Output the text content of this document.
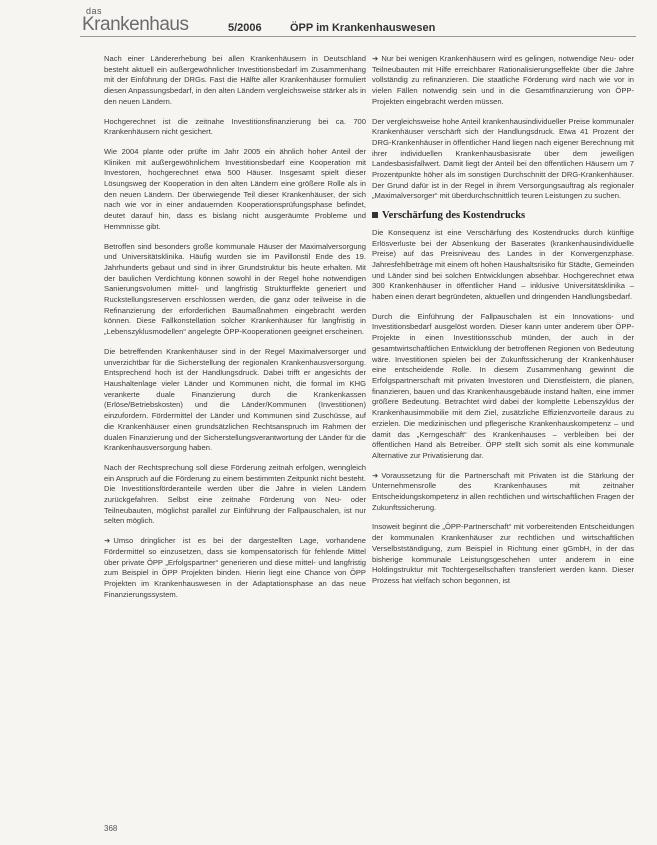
das
Krankenhaus	5/2006	ÖPP im Krankenhauswesen

Nach einer Ländererhebung bei allen Krankenhäusern in Deutschland besteht aktuell ein außergewöhnlicher Investitionsbedarf im Zusammenhang mit der Einführung der DRGs. Fast die Hälfte aller Krankenhäuser formuliert diesen Anpassungsbedarf, in den alten Ländern vergleichsweise stärker als in den neuen Ländern.

Hochgerechnet ist die zeitnahe Investitionsfinanzierung bei ca. 700 Krankenhäusern nicht gesichert.

Wie 2004 plante oder prüfte im Jahr 2005 ein ähnlich hoher Anteil der Kliniken mit außergewöhnlichem Investitionsbedarf eine Kooperation mit Investoren, hochgerechnet etwa 500 Häuser. Insgesamt spielt dieser Lösungsweg der Kooperation in den alten Ländern eine größere Rolle als in den neuen Ländern. Der überwiegende Teil dieser Krankenhäuser, der sich nach wie vor in einer andauernden Kooperationsprüfungsphase befindet, deutet darauf hin, dass es bislang nicht ausgeräumte Probleme und Hemmnisse gibt.

Betroffen sind besonders große kommunale Häuser der Maximalversorgung und Universitätsklinika. Häufig wurden sie im Pavillonstil Ende des 19. Jahrhunderts gebaut und sind in ihrer Grundstruktur bis heute erhalten. Mit der baulichen Verdichtung können sowohl in der Regel hohe notwendigen Sanierungsvolumen mittel- und langfristig Strukturffekte generiert und Ruckstellungsreserven erschlossen werden, die ganz oder teilweise in die Refinanzierung der erforderlichen Baumaßnahmen eingebracht werden können. Diese Fallkonstellation solcher Krankenhäuser für langfristig in „Lebenszyklusmodellen“ angelegte ÖPP-Kooperationen geeignet erscheinen.

Die betreffenden Krankenhäuser sind in der Regel Maximalversorger und unverzichtbar für die Sicherstellung der regionalen Krankenhausversorgung. Entsprechend hoch ist der Handlungsdruck. Dabei trifft er angesichts der Haushaltenlage vieler Länder und Kommunen nicht, die formal im KHG verankerte duale Finanzierung durch die Krankenkassen (Erlöse/Betriebskosten) und die Länder/Kommunen (Investitionen) einzufordern. Fördermittel der Länder und Kommunen sind Zuschüsse, auf die Krankenhäuser einen grundsätzlichen Rechtsanspruch im Rahmen der dualen Finanzierung und der Sicherstellungsverantwortung der Länder für die Krankenhausversorgung haben.

Nach der Rechtsprechung soll diese Förderung zeitnah erfolgen, wenngleich ein Anspruch auf die Förderung zu einem bestimmten Zeitpunkt nicht besteht. Die Investitionsförderanteile werden über die Jahre in vielen Ländern zurückgefahren. Selbst eine zeitnahe Förderung von Neu- oder Teilneubauten, möglichst parallel zur Einführung der Fallpauschalen, ist nur selten möglich.

➜ Umso dringlicher ist es bei der dargestellten Lage, vorhandene Fördermittel so einzusetzen, dass sie kompensatorisch für fehlende Mittel über private ÖPP „Erfolgspartner“ generieren und diese mittel- und langfristig zum Beispiel in ÖPP Projekten binden. Hierin liegt eine Chance von ÖPP Projekten im Krankenhauswesen in der Adaptationsphase an das neue Finanzierungssystem.

➜ Nur bei wenigen Krankenhäusern wird es gelingen, notwendige Neu- oder Teilneubauten mit Hilfe erreichbarer Rationalisierungseffekte über die Jahre vollständig zu refinanzieren. Die staatliche Förderung wird nach wie vor in vielen Fällen notwendig sein und in die Gesamtfinanzierung von ÖPP-Projekten eingebracht werden müssen.

Der vergleichsweise hohe Anteil krankenhausindividueller Preise kommunaler Krankenhäuser verschärft sich der Handlungsdruck. Etwa 41 Prozent der DRG-Krankenhäuser in öffentlicher Hand liegen nach eigener Berechnung mit ihrer individuellen Krankenhausbasisrate über dem jeweiligen Landesbasisfallwert. Damit liegt der Anteil bei den öffentlichen Häusern um 7 Prozentpunkte höher als im sonstigen Durchschnitt der DRG-Krankenhäuser. Der Grund dafür ist in der Regel in ihrem Versorgungsauftrag als regionaler „Maximalversorger“ mit überdurchschnittlich teuren Leistungen zu suchen.

Verschärfung des Kostendrucks

Die Konsequenz ist eine Verschärfung des Kostendrucks durch künftige Erlösverluste bei der Absenkung der Baserates (krankenhausindividuelle Preise) auf das Preisniveau des Landes in der Konvergenzphase. Jahresfehlbeträge mit einem oft hohen Haushaltsrisiko für Städte, Gemeinden und Länder sind bei solchen Entwicklungen absehbar. Hochgerechnet etwa 300 Krankenhäuser in öffentlicher Hand – inklusive Universitätsklinika – haben einen derart begründeten, aktuellen und dringenden Handlungsbedarf.

Durch die Einführung der Fallpauschalen ist ein Innovations- und Investitionsbedarf ausgelöst worden. Dieser kann unter anderem über ÖPP-Projekte in einen Investitionsschub münden, der auch in der gesamtwirtschaftlichen Entwicklung der betroffenen Regionen von Bedeutung wäre. Investitionen spielen bei der Zukunftssicherung der Krankenhäuser eine entscheidende Rolle. In diesem Zusammenhang gewinnt die Erfolgspartnerschaft mit privaten Investoren und Dienstleistern, die planen, finanzieren, bauen und das Krankenhausgebäude instand halten, eine immer größere Bedeutung. Betrachtet wird dabei der komplette Lebenszyklus der Krankenhausimmobilie mit dem Ziel, zusätzliche Effizienzvorteile daraus zu erzielen. Die medizinischen und pflegerische Krankenhauskompetenz – und damit das „Kerngeschäft“ des Krankenhauses – verbleiben bei der öffentlichen Hand als Betreiber. ÖPP stellt sich somit als eine kommunale Alternative zur Privatisierung dar.

➜ Voraussetzung für die Partnerschaft mit Privaten ist die Stärkung der Unternehmensrolle des Krankenhauses mit zeitnaher Entscheidungskompetenz in allen rechtlichen und wirtschaftlichen Fragen der Zukunftssicherung.

Insoweit beginnt die „ÖPP-Partnerschaft“ mit vorbereitenden Entscheidungen der kommunalen Krankenhäuser zur rechtlichen und wirtschaftlichen Verselbstständigung, zum Beispiel in Richtung einer gGmbH, in der das bisherige kommunale Leistungsgeschehen unter anderem in eine Holdingstruktur mit Tochtergesellschaften transferiert werden kann. Dieser Prozess hat vielfach schon begonnen, ist

368
